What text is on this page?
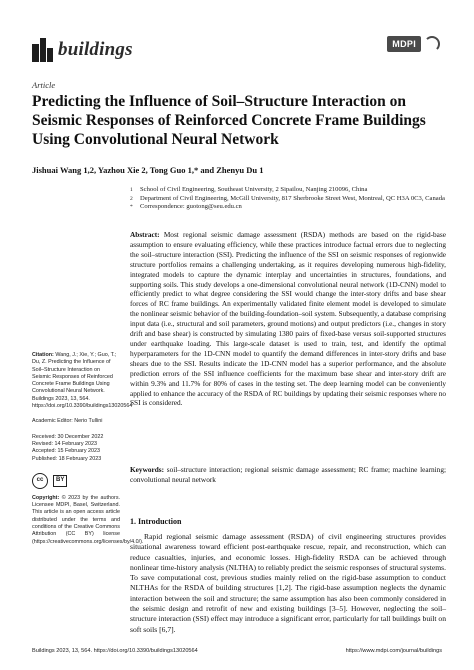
buildings	MDPI
Article
Predicting the Influence of Soil–Structure Interaction on Seismic Responses of Reinforced Concrete Frame Buildings Using Convolutional Neural Network
Jishuai Wang 1,2, Yazhou Xie 2, Tong Guo 1,* and Zhenyu Du 1
1 School of Civil Engineering, Southeast University, 2 Sipailou, Nanjing 210096, China
2 Department of Civil Engineering, McGill University, 817 Sherbrooke Street West, Montreal, QC H3A 0C3, Canada
* Correspondence: guotong@seu.edu.cn

Abstract: Most regional seismic damage assessment (RSDA) methods are based on the rigid-base assumption to ensure evaluating efficiency, while these practices introduce factual errors due to neglecting the soil–structure interaction (SSI). Predicting the influence of the SSI on seismic responses of regionwide structure portfolios remains a challenging undertaking, as it requires developing numerous high-fidelity, integrated models to capture the dynamic interplay and uncertainties in structures, foundations, and supporting soils. This study develops a one-dimensional convolutional neural network (1D-CNN) model to efficiently predict to what degree considering the SSI would change the inter-story drifts and base shear forces of RC frame buildings. An experimentally validated finite element model is developed to simulate the nonlinear seismic behavior of the building-foundation–soil system. Subsequently, a database comprising input data (i.e., structural and soil parameters, ground motions) and output predictors (i.e., changes in story drift and base shear) is constructed by simulating 1380 pairs of fixed-base versus soil-supported structures under earthquake loading. This large-scale dataset is used to train, test, and identify the optimal hyperparameters for the 1D-CNN model to quantify the demand differences in inter-story drifts and base shears due to the SSI. Results indicate the 1D-CNN model has a superior performance, and the absolute prediction errors of the SSI influence coefficients for the maximum base shear and inter-story drift are within 9.3% and 11.7% for 80% of cases in the testing set. The deep learning model can be conveniently applied to enhance the accuracy of the RSDA of RC buildings by updating their seismic responses where no SSI is considered.

Keywords: soil–structure interaction; regional seismic damage assessment; RC frame; machine learning; convolutional neural network

Citation: Wang, J.; Xie, Y.; Guo, T.; Du, Z. Predicting the Influence of Soil–Structure Interaction on Seismic Responses of Reinforced Concrete Frame Buildings Using Convolutional Neural Network. Buildings 2023, 13, 564. https://doi.org/10.3390/buildings13020564

Academic Editor: Nerio Tullini

Received: 30 December 2022

Revised: 14 February 2023

Accepted: 15 February 2023

Published: 18 February 2023

cc	BY

Copyright: © 2023 by the authors. Licensee MDPI, Basel, Switzerland. This article is an open access article distributed under the terms and conditions of the Creative Commons Attribution (CC BY) license (https://creativecommons.org/licenses/by/4.0/).

1. Introduction

Rapid regional seismic damage assessment (RSDA) of civil engineering structures provides situational awareness toward efficient post-earthquake rescue, repair, and reconstruction, which can reduce casualties, injuries, and economic losses. High-fidelity RSDA can be achieved through nonlinear time-history analysis (NLTHA) to reliably predict the seismic responses of structural systems. To save computational cost, previous studies mainly relied on the rigid-base assumption to conduct NLTHAs for the RSDA of building structures [1,2]. The rigid-base assumption neglects the dynamic interaction between the soil and structure; the same assumption has also been commonly considered in the seismic design and retrofit of new and existing buildings [3–5]. However, neglecting the soil–structure interaction (SSI) effect may introduce a significant error, particularly for tall buildings built on soft soils [6,7].

Buildings 2023, 13, 564. https://doi.org/10.3390/buildings13020564	https://www.mdpi.com/journal/buildings
